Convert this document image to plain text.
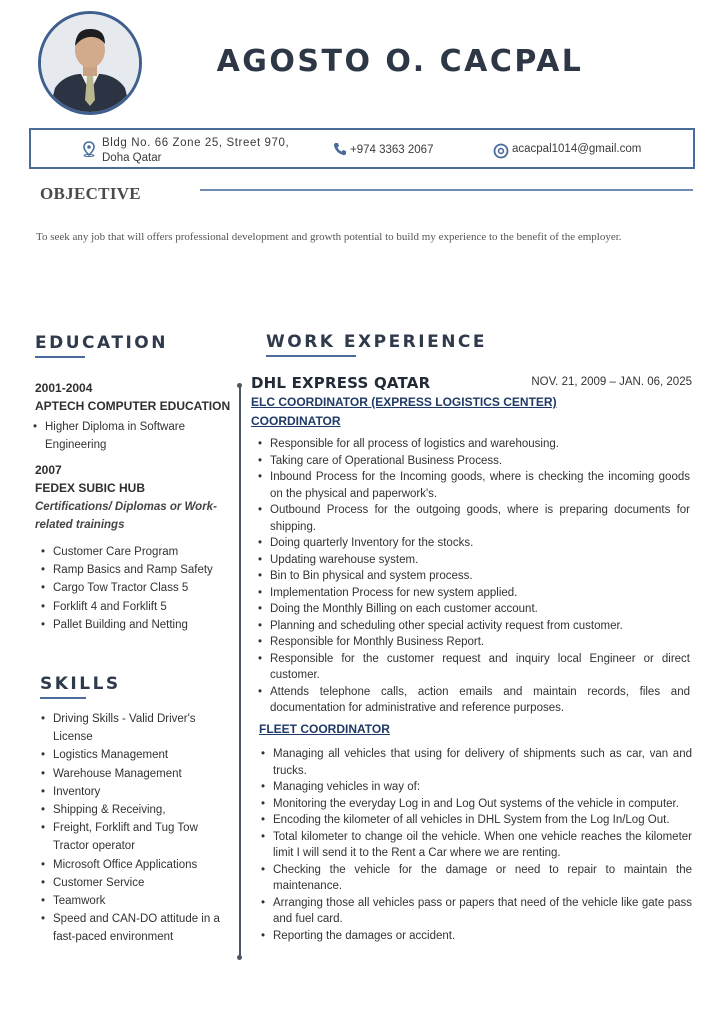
AGOSTO O. CACPAL
Bldg No. 66 Zone 25, Street 970,
Doha Qatar
+974 3363 2067	acacpal1014@gmail.com
OBJECTIVE
To seek any job that will offers professional development and growth potential to build my experience to the benefit of the employer.
EDUCATION
2001-2004
APTECH COMPUTER EDUCATION
• Higher Diploma in Software
Engineering
2007
FEDEX SUBIC HUB
Certifications/ Diplomas or Work-
related trainings
• Customer Care Program
• Ramp Basics and Ramp Safety
• Cargo Tow Tractor Class 5
• Forklift 4 and Forklift 5
• Pallet Building and Netting
SKILLS
• Driving Skills - Valid Driver's License
• Logistics Management
• Warehouse Management
• Inventory
• Shipping & Receiving,
• Freight, Forklift and Tug Tow Tractor operator
• Microsoft Office Applications
• Customer Service
• Teamwork
• Speed and CAN-DO attitude in a fast-paced environment
WORK EXPERIENCE
DHL EXPRESS QATAR	NOV. 21, 2009 – JAN. 06, 2025
ELC COORDINATOR (EXPRESS LOGISTICS CENTER)
COORDINATOR
• Responsible for all process of logistics and warehousing.
• Taking care of Operational Business Process.
• Inbound Process for the Incoming goods, where is checking the incoming goods on the physical and paperwork's.
• Outbound Process for the outgoing goods, where is preparing documents for shipping.
• Doing quarterly Inventory for the stocks.
• Updating warehouse system.
• Bin to Bin physical and system process.
• Implementation Process for new system applied.
• Doing the Monthly Billing on each customer account.
• Planning and scheduling other special activity request from customer.
• Responsible for Monthly Business Report.
• Responsible for the customer request and inquiry local Engineer or direct customer.
• Attends telephone calls, action emails and maintain records, files and documentation for administrative and reference purposes.
FLEET COORDINATOR
• Managing all vehicles that using for delivery of shipments such as car, van and trucks.
• Managing vehicles in way of:
• Monitoring the everyday Log in and Log Out systems of the vehicle in computer.
• Encoding the kilometer of all vehicles in DHL System from the Log In/Log Out.
• Total kilometer to change oil the vehicle. When one vehicle reaches the kilometer limit I will send it to the Rent a Car where we are renting.
• Checking the vehicle for the damage or need to repair to maintain the maintenance.
• Arranging those all vehicles pass or papers that need of the vehicle like gate pass and fuel card.
• Reporting the damages or accident.
